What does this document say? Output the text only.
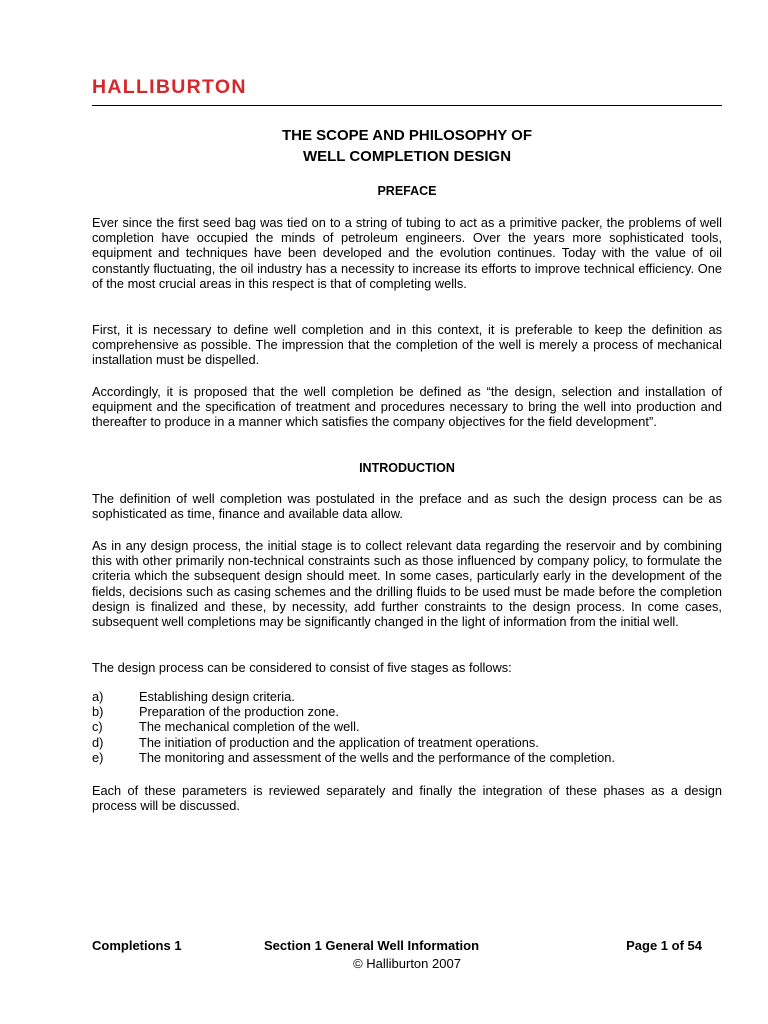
HALLIBURTON
THE SCOPE AND PHILOSOPHY OF
WELL COMPLETION DESIGN
PREFACE

Ever since the first seed bag was tied on to a string of tubing to act as a primitive packer, the problems of well completion have occupied the minds of petroleum engineers. Over the years more sophisticated tools, equipment and techniques have been developed and the evolution continues. Today with the value of oil constantly fluctuating, the oil industry has a necessity to increase its efforts to improve technical efficiency. One of the most crucial areas in this respect is that of completing wells.

First, it is necessary to define well completion and in this context, it is preferable to keep the definition as comprehensive as possible. The impression that the completion of the well is merely a process of mechanical installation must be dispelled.

Accordingly, it is proposed that the well completion be defined as “the design, selection and installation of equipment and the specification of treatment and procedures necessary to bring the well into production and thereafter to produce in a manner which satisfies the company objectives for the field development”.

INTRODUCTION

The definition of well completion was postulated in the preface and as such the design process can be as sophisticated as time, finance and available data allow.

As in any design process, the initial stage is to collect relevant data regarding the reservoir and by combining this with other primarily non-technical constraints such as those influenced by company policy, to formulate the criteria which the subsequent design should meet. In some cases, particularly early in the development of the fields, decisions such as casing schemes and the drilling fluids to be used must be made before the completion design is finalized and these, by necessity, add further constraints to the design process. In come cases, subsequent well completions may be significantly changed in the light of information from the initial well.

The design process can be considered to consist of five stages as follows:

a)	Establishing design criteria.
b)	Preparation of the production zone.
c)	The mechanical completion of the well.
d)	The initiation of production and the application of treatment operations.
e)	The monitoring and assessment of the wells and the performance of the completion.

Each of these parameters is reviewed separately and finally the integration of these phases as a design process will be discussed.

Completions 1	Section 1 General Well Information	Page 1 of 54
© Halliburton 2007
